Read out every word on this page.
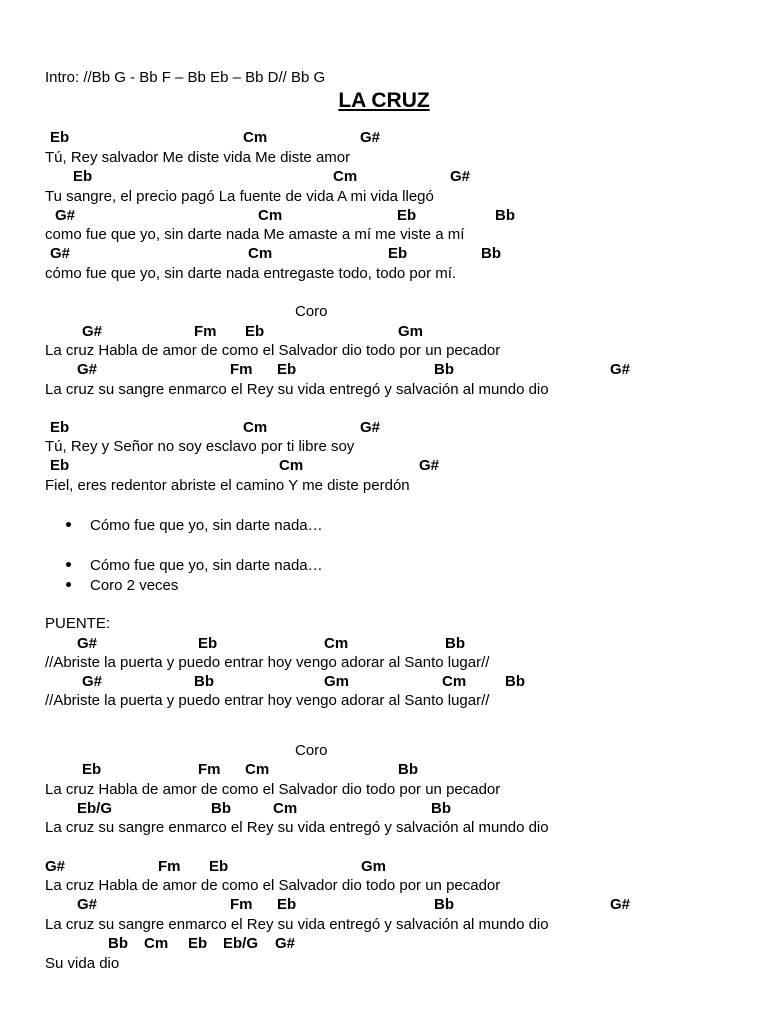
Intro: //Bb G - Bb F – Bb Eb – Bb D// Bb G
LA CRUZ
Eb	Cm	G#
Tú, Rey salvador Me diste vida Me diste amor
Eb	Cm	G#
Tu sangre, el precio pagó La fuente de vida A mi vida llegó
G#	Cm	Eb	Bb
como fue que yo, sin darte nada Me amaste a mí me viste a mí
G#	Cm	Eb	Bb
cómo fue que yo, sin darte nada entregaste todo, todo por mí.
Coro
G#	Fm Eb	Gm
La cruz Habla de amor de como el Salvador dio todo por un pecador
G#	Fm Eb	Bb	G#
La cruz su sangre enmarco el Rey su vida entregó y salvación al mundo dio
Eb	Cm	G#
Tú, Rey y Señor no soy esclavo por ti libre soy
Eb	Cm	G#
Fiel, eres redentor abriste el camino Y me diste perdón
Cómo fue que yo, sin darte nada…
Cómo fue que yo, sin darte nada…
Coro 2 veces
PUENTE:
G#	Eb	Cm	Bb
//Abriste la puerta y puedo entrar hoy vengo adorar al Santo lugar//
G#	Bb	Gm	Cm	Bb
//Abriste la puerta y puedo entrar hoy vengo adorar al Santo lugar//
Coro
Eb	Fm Cm	Bb
La cruz Habla de amor de como el Salvador dio todo por un pecador
Eb/G	Bb	Cm	Bb
La cruz su sangre enmarco el Rey su vida entregó y salvación al mundo dio
G#	Fm Eb	Gm
La cruz Habla de amor de como el Salvador dio todo por un pecador
G#	Fm Eb	Bb	G#
La cruz su sangre enmarco el Rey su vida entregó y salvación al mundo dio
Bb Cm Eb Eb/G G#
Su vida dio
